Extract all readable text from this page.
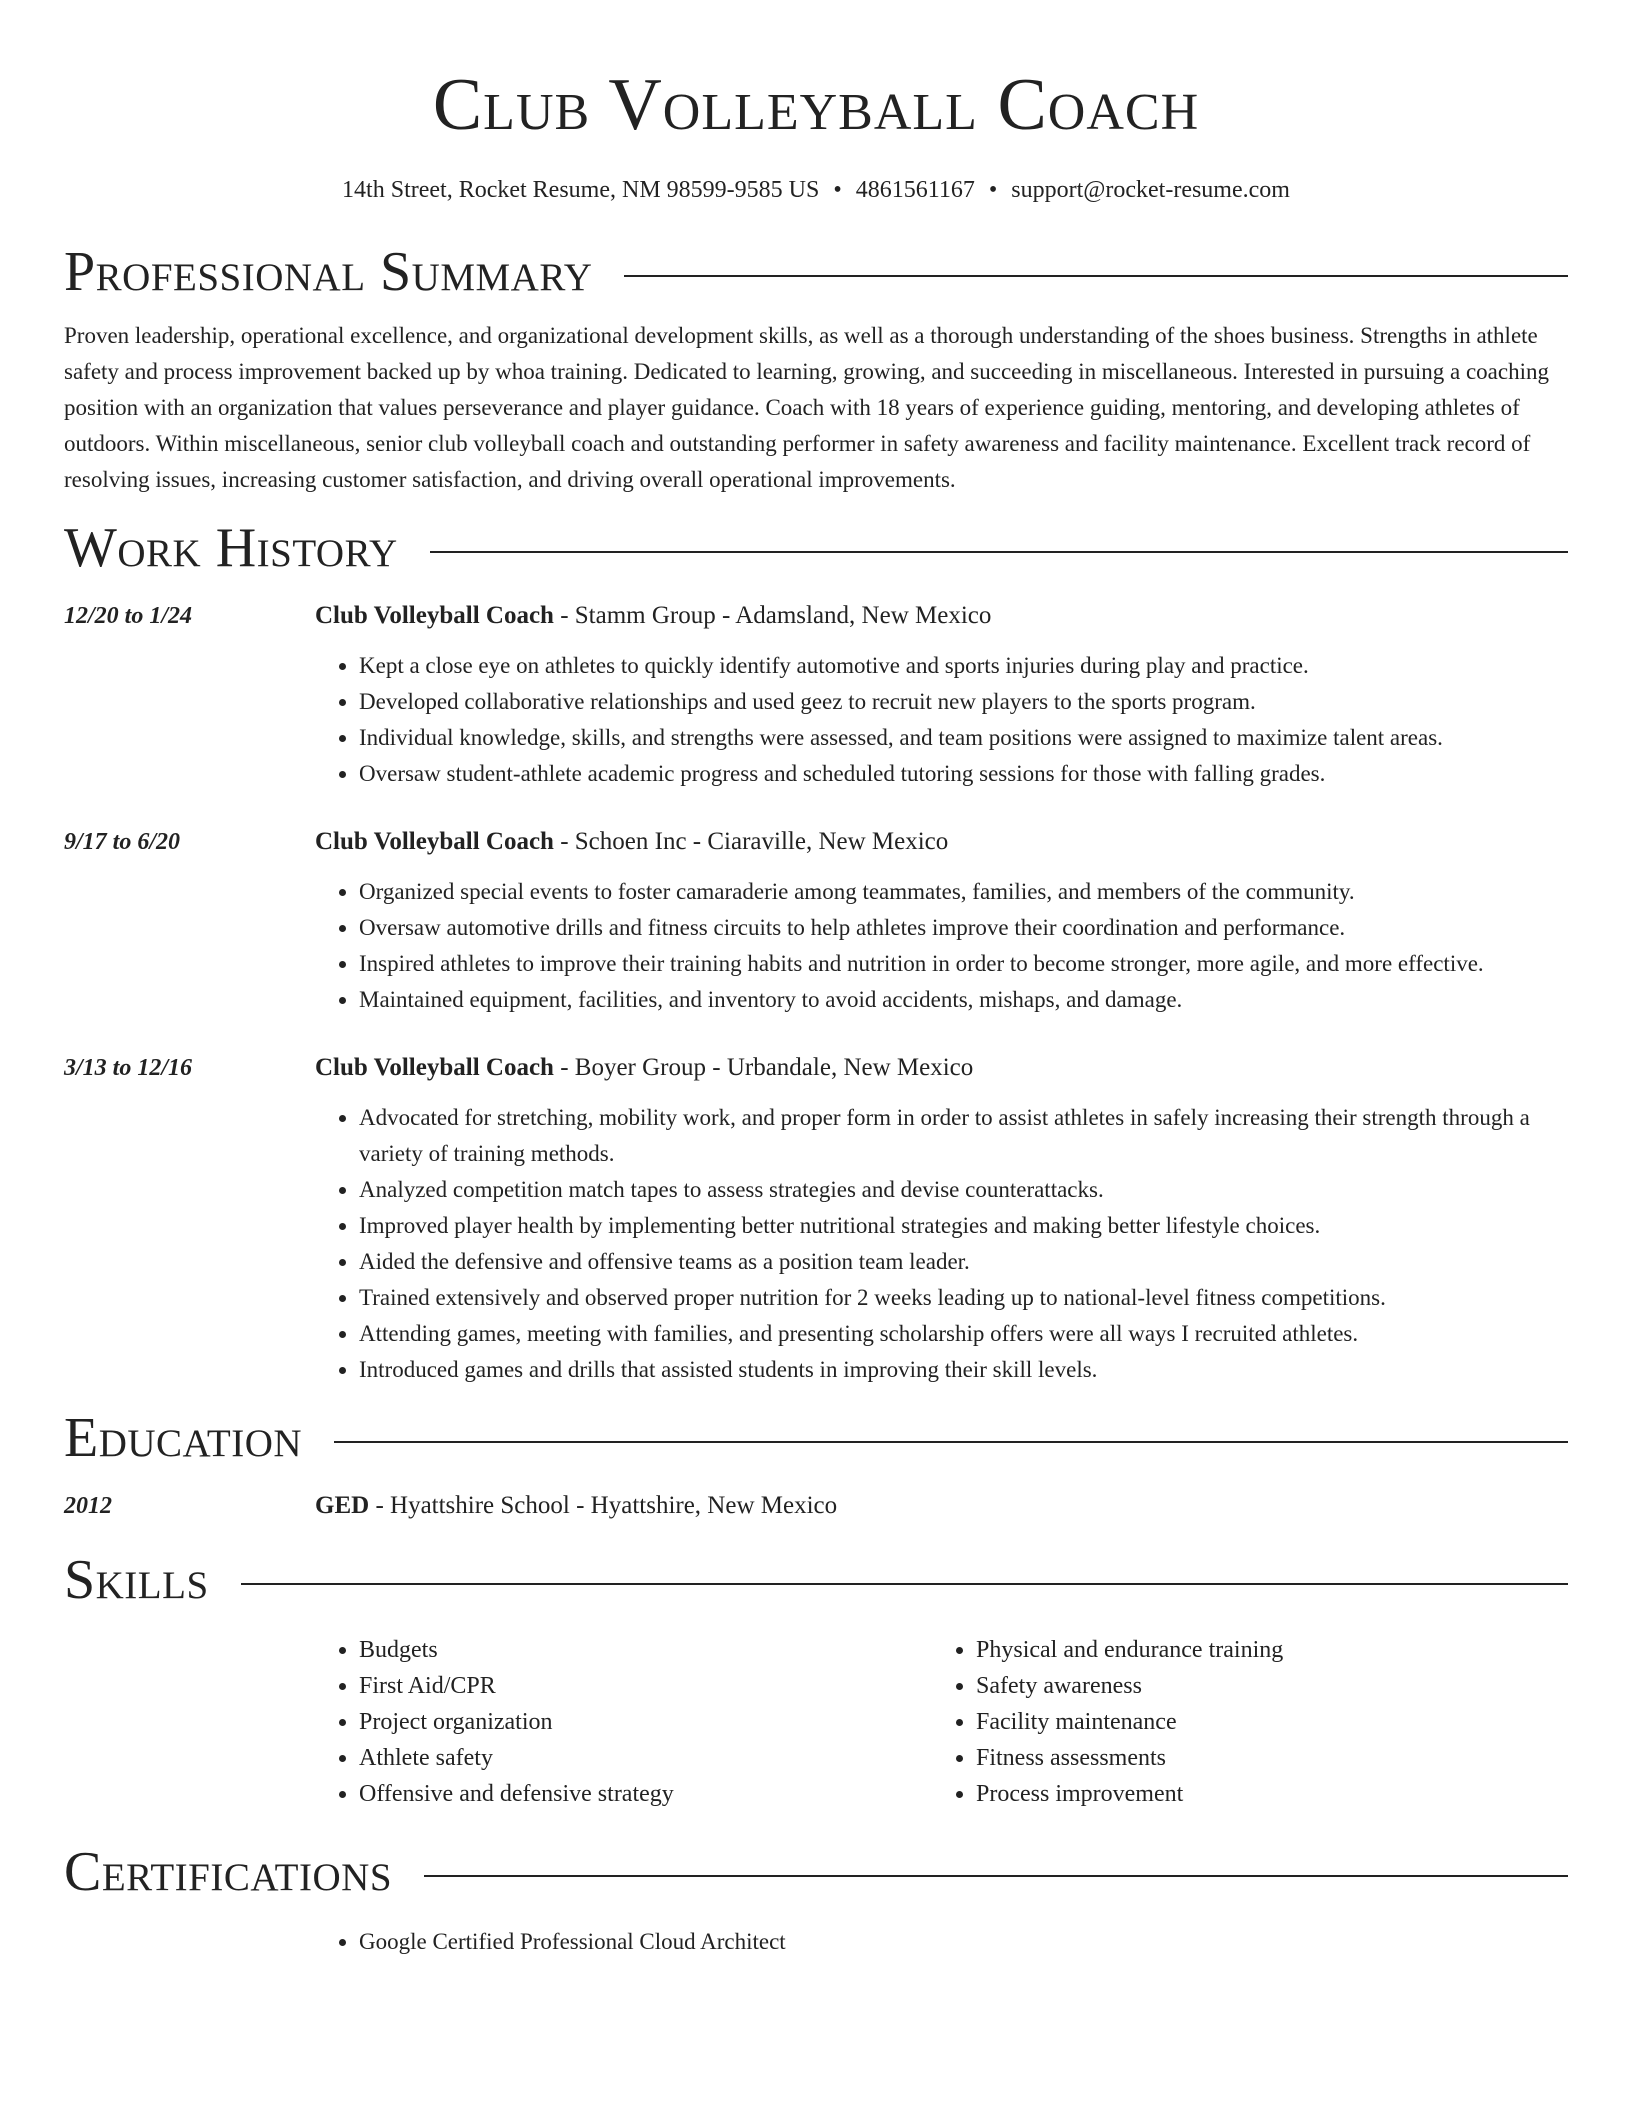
Club Volleyball Coach
14th Street, Rocket Resume, NM 98599-9585 US • 4861561167 • support@rocket-resume.com
Professional Summary

Proven leadership, operational excellence, and organizational development skills, as well as a thorough understanding of the shoes business. Strengths in athlete safety and process improvement backed up by whoa training. Dedicated to learning, growing, and succeeding in miscellaneous. Interested in pursuing a coaching position with an organization that values perseverance and player guidance. Coach with 18 years of experience guiding, mentoring, and developing athletes of outdoors. Within miscellaneous, senior club volleyball coach and outstanding performer in safety awareness and facility maintenance. Excellent track record of resolving issues, increasing customer satisfaction, and driving overall operational improvements.

Work History
12/20 to 1/24	Club Volleyball Coach - Stamm Group - Adamsland, New Mexico
• Kept a close eye on athletes to quickly identify automotive and sports injuries during play and practice.
• Developed collaborative relationships and used geez to recruit new players to the sports program.
• Individual knowledge, skills, and strengths were assessed, and team positions were assigned to maximize talent areas.
• Oversaw student-athlete academic progress and scheduled tutoring sessions for those with falling grades.
9/17 to 6/20	Club Volleyball Coach - Schoen Inc - Ciaraville, New Mexico
• Organized special events to foster camaraderie among teammates, families, and members of the community.
• Oversaw automotive drills and fitness circuits to help athletes improve their coordination and performance.
• Inspired athletes to improve their training habits and nutrition in order to become stronger, more agile, and more effective.
• Maintained equipment, facilities, and inventory to avoid accidents, mishaps, and damage.
3/13 to 12/16	Club Volleyball Coach - Boyer Group - Urbandale, New Mexico
• Advocated for stretching, mobility work, and proper form in order to assist athletes in safely increasing their strength through a variety of training methods.
• Analyzed competition match tapes to assess strategies and devise counterattacks.
• Improved player health by implementing better nutritional strategies and making better lifestyle choices.
• Aided the defensive and offensive teams as a position team leader.
• Trained extensively and observed proper nutrition for 2 weeks leading up to national-level fitness competitions.
• Attending games, meeting with families, and presenting scholarship offers were all ways I recruited athletes.
• Introduced games and drills that assisted students in improving their skill levels.
Education
2012	GED - Hyattshire School - Hyattshire, New Mexico
Skills
• Budgets
• First Aid/CPR
• Project organization
• Athlete safety
• Offensive and defensive strategy
• Physical and endurance training
• Safety awareness
• Facility maintenance
• Fitness assessments
• Process improvement
Certifications
• Google Certified Professional Cloud Architect
